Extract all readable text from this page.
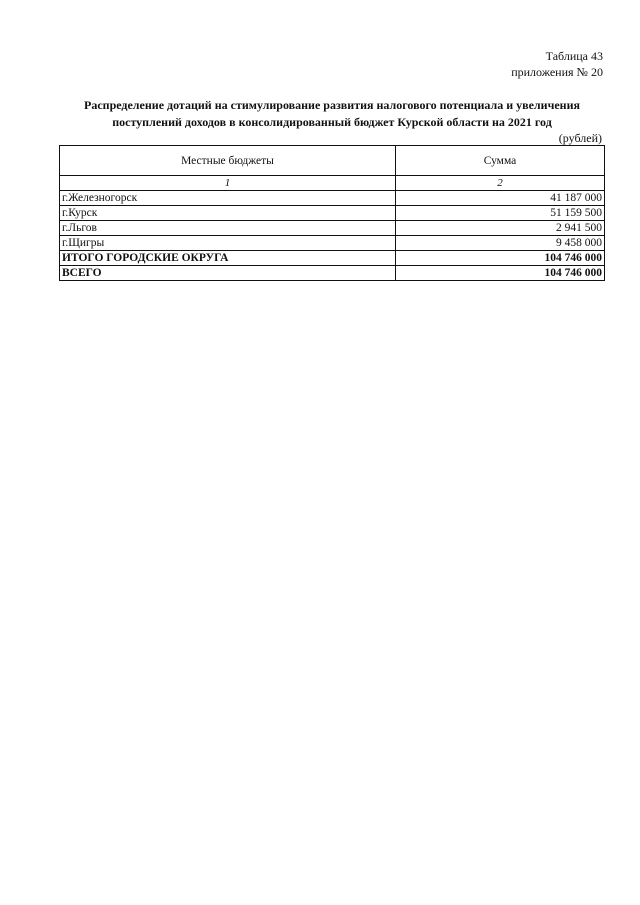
Таблица 43
приложения № 20
Распределение дотаций на стимулирование развития налогового потенциала и увеличения
поступлений доходов в консолидированный бюджет Курской области на 2021 год
(рублей)
Местные бюджеты	Сумма
1	2
г.Железногорск	41 187 000
г.Курск	51 159 500
г.Льгов	2 941 500
г.Щигры	9 458 000
ИТОГО ГОРОДСКИЕ ОКРУГА	104 746 000
ВСЕГО	104 746 000
